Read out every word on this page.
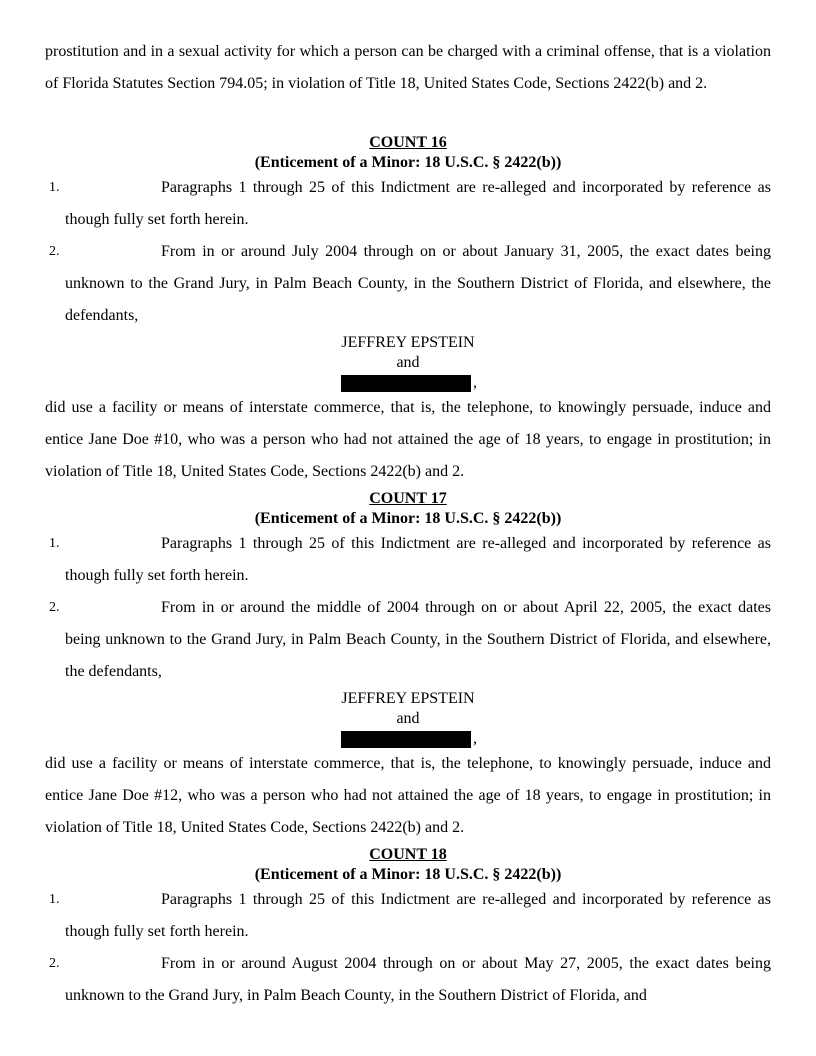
prostitution and in a sexual activity for which a person can be charged with a criminal offense, that is a violation of Florida Statutes Section 794.05; in violation of Title 18, United States Code, Sections 2422(b) and 2.
COUNT 16
(Enticement of a Minor: 18 U.S.C. § 2422(b))
1.	Paragraphs 1 through 25 of this Indictment are re-alleged and incorporated by reference as though fully set forth herein.
2.	From in or around July 2004 through on or about January 31, 2005, the exact dates being unknown to the Grand Jury, in Palm Beach County, in the Southern District of Florida, and elsewhere, the defendants,
JEFFREY EPSTEIN
and
,
did use a facility or means of interstate commerce, that is, the telephone, to knowingly persuade, induce and entice Jane Doe #10, who was a person who had not attained the age of 18 years, to engage in prostitution; in violation of Title 18, United States Code, Sections 2422(b) and 2.
COUNT 17
(Enticement of a Minor: 18 U.S.C. § 2422(b))
1.	Paragraphs 1 through 25 of this Indictment are re-alleged and incorporated by reference as though fully set forth herein.
2.	From in or around the middle of 2004 through on or about April 22, 2005, the exact dates being unknown to the Grand Jury, in Palm Beach County, in the Southern District of Florida, and elsewhere, the defendants,
JEFFREY EPSTEIN
and
,
did use a facility or means of interstate commerce, that is, the telephone, to knowingly persuade, induce and entice Jane Doe #12, who was a person who had not attained the age of 18 years, to engage in prostitution; in violation of Title 18, United States Code, Sections 2422(b) and 2.
COUNT 18
(Enticement of a Minor: 18 U.S.C. § 2422(b))
1.	Paragraphs 1 through 25 of this Indictment are re-alleged and incorporated by reference as though fully set forth herein.
2.	From in or around August 2004 through on or about May 27, 2005, the exact dates being unknown to the Grand Jury, in Palm Beach County, in the Southern District of Florida, and
